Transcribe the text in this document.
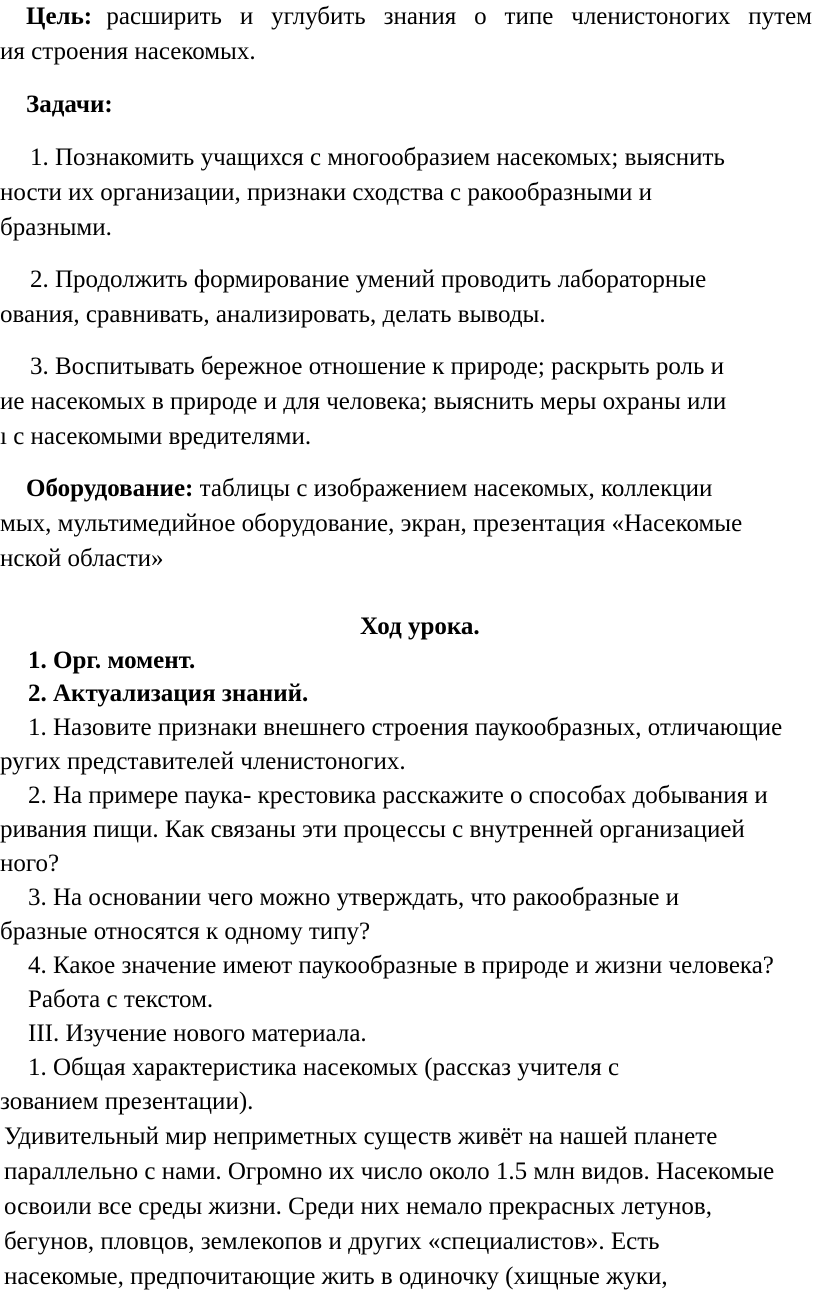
Цель: расширить и углубить знания о типе членистоногих путем
ия строения насекомых.
Задачи:
1. Познакомить учащихся с многообразием насекомых; выяснить
ности их организации, признаки сходства с ракообразными и
бразными.
2. Продолжить формирование умений проводить лабораторные
ования, сравнивать, анализировать, делать выводы.
3. Воспитывать бережное отношение к природе; раскрыть роль и
ие насекомых в природе и для человека; выяснить меры охраны или
ı с насекомыми вредителями.
Оборудование: таблицы с изображением насекомых, коллекции
мых, мультимедийное оборудование, экран, презентация «Насекомые
нской области»
Ход урока.
1. Орг. момент.
2. Актуализация знаний.
1. Назовите признаки внешнего строения паукообразных, отличающие
ругих представителей членистоногих.
2. На примере паука- крестовика расскажите о способах добывания и
ривания пищи. Как связаны эти процессы с внутренней организацией
ного?
3. На основании чего можно утверждать, что ракообразные и
бразные относятся к одному типу?
4. Какое значение имеют паукообразные в природе и жизни человека?
Работа с текстом.
III. Изучение нового материала.
1. Общая характеристика насекомых (рассказ учителя с
зованием презентации).
Удивительный мир неприметных существ живёт на нашей планете
параллельно с нами. Огромно их число около 1.5 млн видов. Насекомые
освоили все среды жизни. Среди них немало прекрасных летунов,
бегунов, пловцов, землекопов и других «специалистов». Есть
насекомые, предпочитающие жить в одиночку (хищные жуки,
